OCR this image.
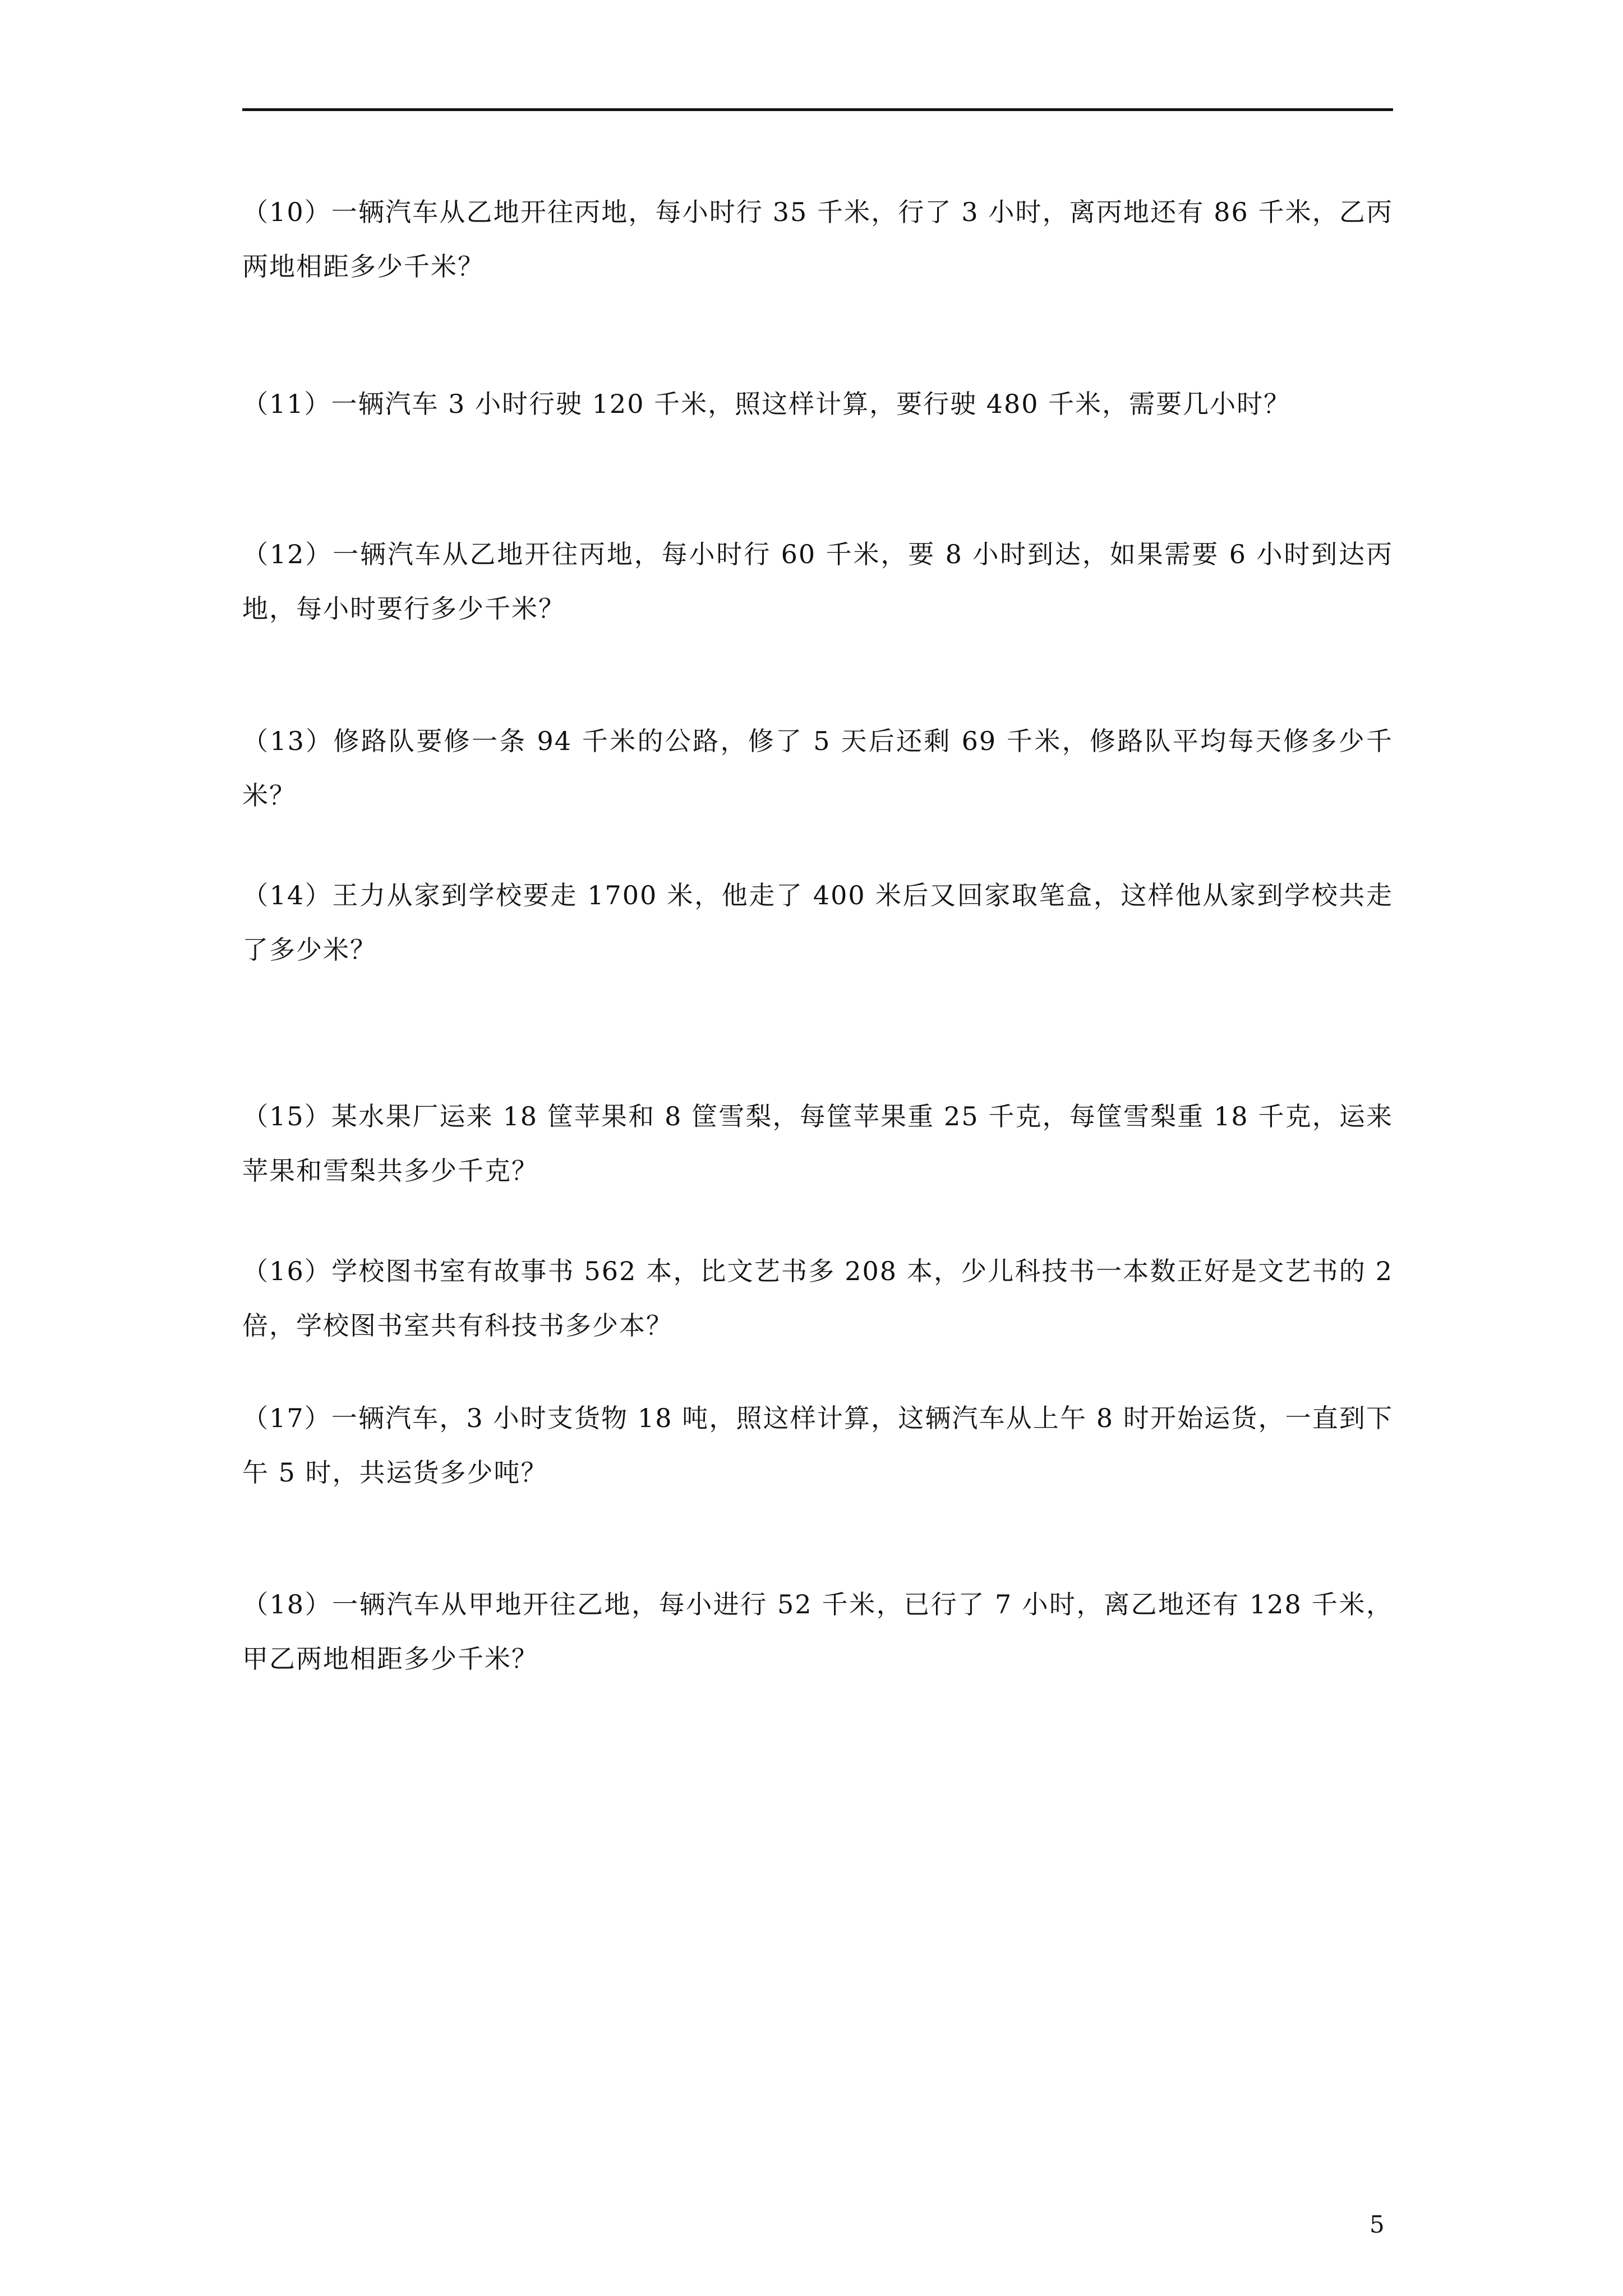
（10）一辆汽车从乙地开往丙地，每小时行 35 千米，行了 3 小时，离丙地还有 86 千米，乙丙两地相距多少千米？

（11）一辆汽车 3 小时行驶 120 千米，照这样计算，要行驶 480 千米，需要几小时？

（12）一辆汽车从乙地开往丙地，每小时行 60 千米，要 8 小时到达，如果需要 6 小时到达丙地，每小时要行多少千米？

（13）修路队要修一条 94 千米的公路，修了 5 天后还剩 69 千米，修路队平均每天修多少千米？

（14）王力从家到学校要走 1700 米，他走了 400 米后又回家取笔盒，这样他从家到学校共走了多少米？

（15）某水果厂运来 18 筐苹果和 8 筐雪梨，每筐苹果重 25 千克，每筐雪梨重 18 千克，运来苹果和雪梨共多少千克？

（16）学校图书室有故事书 562 本，比文艺书多 208 本，少儿科技书一本数正好是文艺书的 2 倍，学校图书室共有科技书多少本？

（17）一辆汽车，3 小时支货物 18 吨，照这样计算，这辆汽车从上午 8 时开始运货，一直到下午 5 时，共运货多少吨？

（18）一辆汽车从甲地开往乙地，每小进行 52 千米，已行了 7 小时，离乙地还有 128 千米，甲乙两地相距多少千米？

5
